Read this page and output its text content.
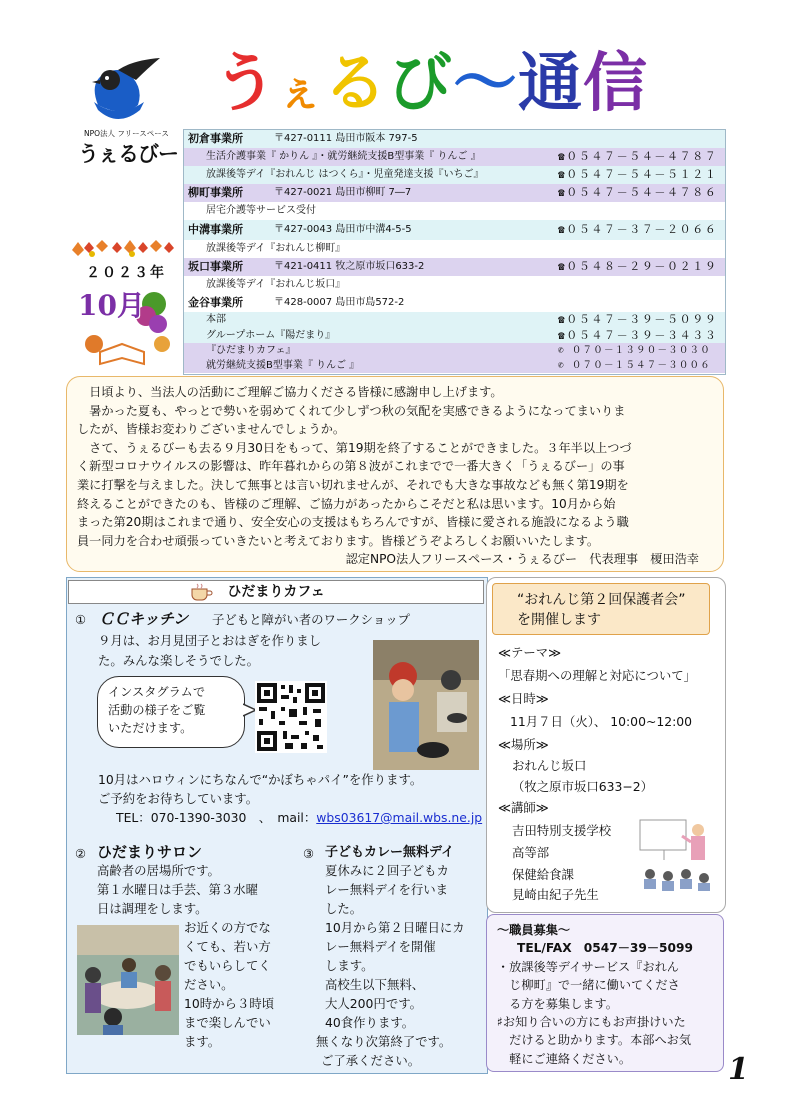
NPO法人 フリースペース
うぇるびー
うぇるび～通信
２０２３年
10月
初倉事業所	〒427-0111 島田市阪本 797-5
生活介護事業『 かりん 』・就労継続支援B型事業『 りんご 』	☎０５４７－５４－４７８７
放課後等デイ『おれんじ はつくら』・児童発達支援『いちご』	☎０５４７－５４－５１２１
柳町事業所	〒427-0021 島田市柳町 7―7	☎０５４７－５４－４７８６
居宅介護等サービス受付
中溝事業所	〒427-0043 島田市中溝4-5-5	☎０５４７－３７－２０６６
放課後等デイ『おれんじ柳町』
坂口事業所	〒421-0411 牧之原市坂口633-2	☎０５４８－２９－０２１９
放課後等デイ『おれんじ坂口』
金谷事業所	〒428-0007 島田市島572-2
本部	☎０５４７－３９－５０９９
グループホーム『陽だまり』	☎０５４７－３９－３４３３
『ひだまりカフェ』	✆ ０７０－１３９０－３０３０
就労継続支援B型事業『 りんご 』	✆ ０７０－１５４７－３００６

　日頃より、当法人の活動にご理解ご協力くださる皆様に感謝申し上げます。

　暑かった夏も、やっとで勢いを弱めてくれて少しずつ秋の気配を実感できるようになってまいりま

したが、皆様お変わりございませんでしょうか。

　さて、うぇるびーも去る９月30日をもって、第19期を終了することができました。３年半以上つづ

く新型コロナウイルスの影響は、昨年暮れからの第８波がこれまでで一番大きく「うぇるびー」の事

業に打撃を与えました。決して無事とは言い切れませんが、それでも大きな事故なども無く第19期を

終えることができたのも、皆様のご理解、ご協力があったからこそだと私は思います。10月から始

まった第20期はこれまで通り、安全安心の支援はもちろんですが、皆様に愛される施設になるよう職

員一同力を合わせ頑張っていきたいと考えております。皆様どうぞよろしくお願いいたします。

認定NPO法人フリースペース・うぇるびー　代表理事　榎田浩幸

ひだまりカフェ
① ＣＣキッチン 子どもと障がい者のワークショップ
９月は、お月見団子とおはぎを作りまし
た。みんな楽しそうでした。
インスタグラムで
活動の様子をご覧
いただけます。
10月はハロウィンにちなんで“かぼちゃパイ”を作ります。
ご予約をお待ちしています。
TEL：070-1390-3030　、　mail：wbs03617@mail.wbs.ne.jp
② ひだまりサロン
高齢者の居場所です。
第１水曜日は手芸、第３水曜
日は調理をします。
お近くの方でな
くても、若い方
でもいらしてく
ださい。
10時から３時頃
まで楽しんでい
ます。
③ 子どもカレー無料デイ
夏休みに２回子どもカ
レー無料デイを行いま
した。
10月から第２日曜日にカ
レー無料デイを開催
します。
高校生以下無料、
大人200円です。
40食作ります。
無くなり次第終了です。
ご了承ください。
“おれんじ第２回保護者会”
を開催します
≪テーマ≫
「思春期への理解と対応について」
≪日時≫
11月７日（火）、 10:00~12:00
≪場所≫
おれんじ坂口
（牧之原市坂口633−2）
≪講師≫
吉田特別支援学校
高等部
保健給食課
見崎由紀子先生

～職員募集～

TEL/FAX　0547－39－5099

・放課後等デイサービス『おれん

　じ柳町』で一緒に働いてくださ

　る方を募集します。

♯お知り合いの方にもお声掛けいた

　だけると助かります。本部へお気

　軽にご連絡ください。	1
